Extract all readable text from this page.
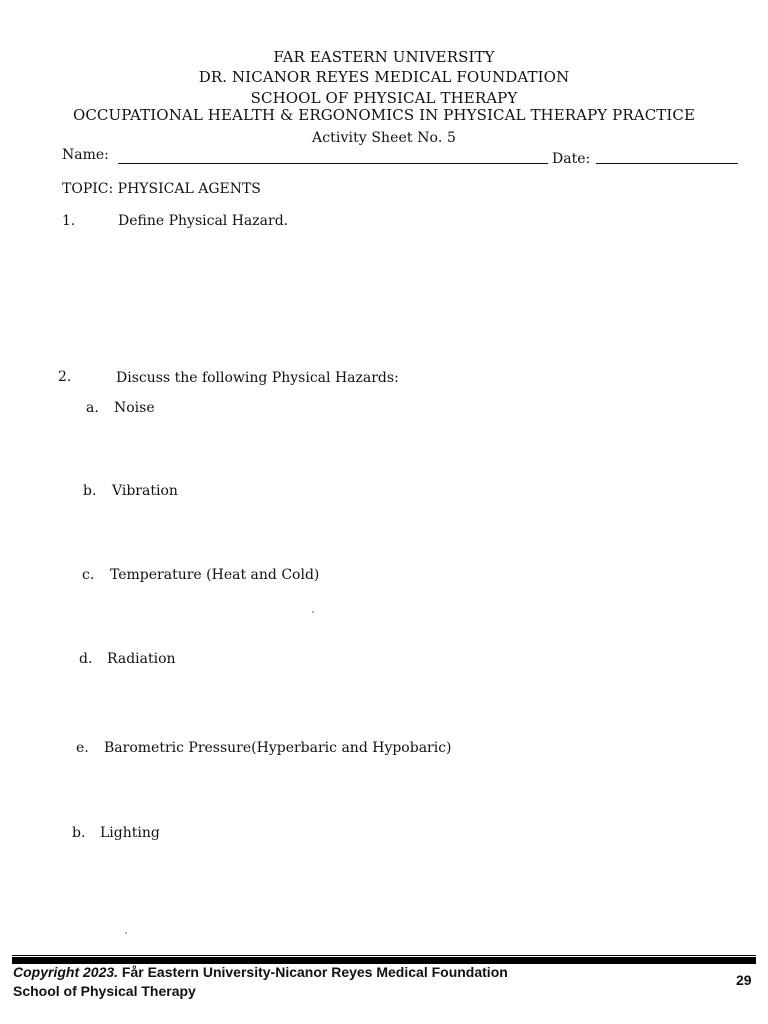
FAR EASTERN UNIVERSITY
DR. NICANOR REYES MEDICAL FOUNDATION
SCHOOL OF PHYSICAL THERAPY
OCCUPATIONAL HEALTH & ERGONOMICS IN PHYSICAL THERAPY PRACTICE
Activity Sheet No. 5
Name:	Date:
TOPIC: PHYSICAL AGENTS
1.	Define Physical Hazard.
2.	Discuss the following Physical Hazards:
a. Noise
b. Vibration
c. Temperature (Heat and Cold)
d. Radiation
e. Barometric Pressure(Hyperbaric and Hypobaric)
b. Lighting
Copyright 2023. Får Eastern University-Nicanor Reyes Medical Foundation
School of Physical Therapy
29
